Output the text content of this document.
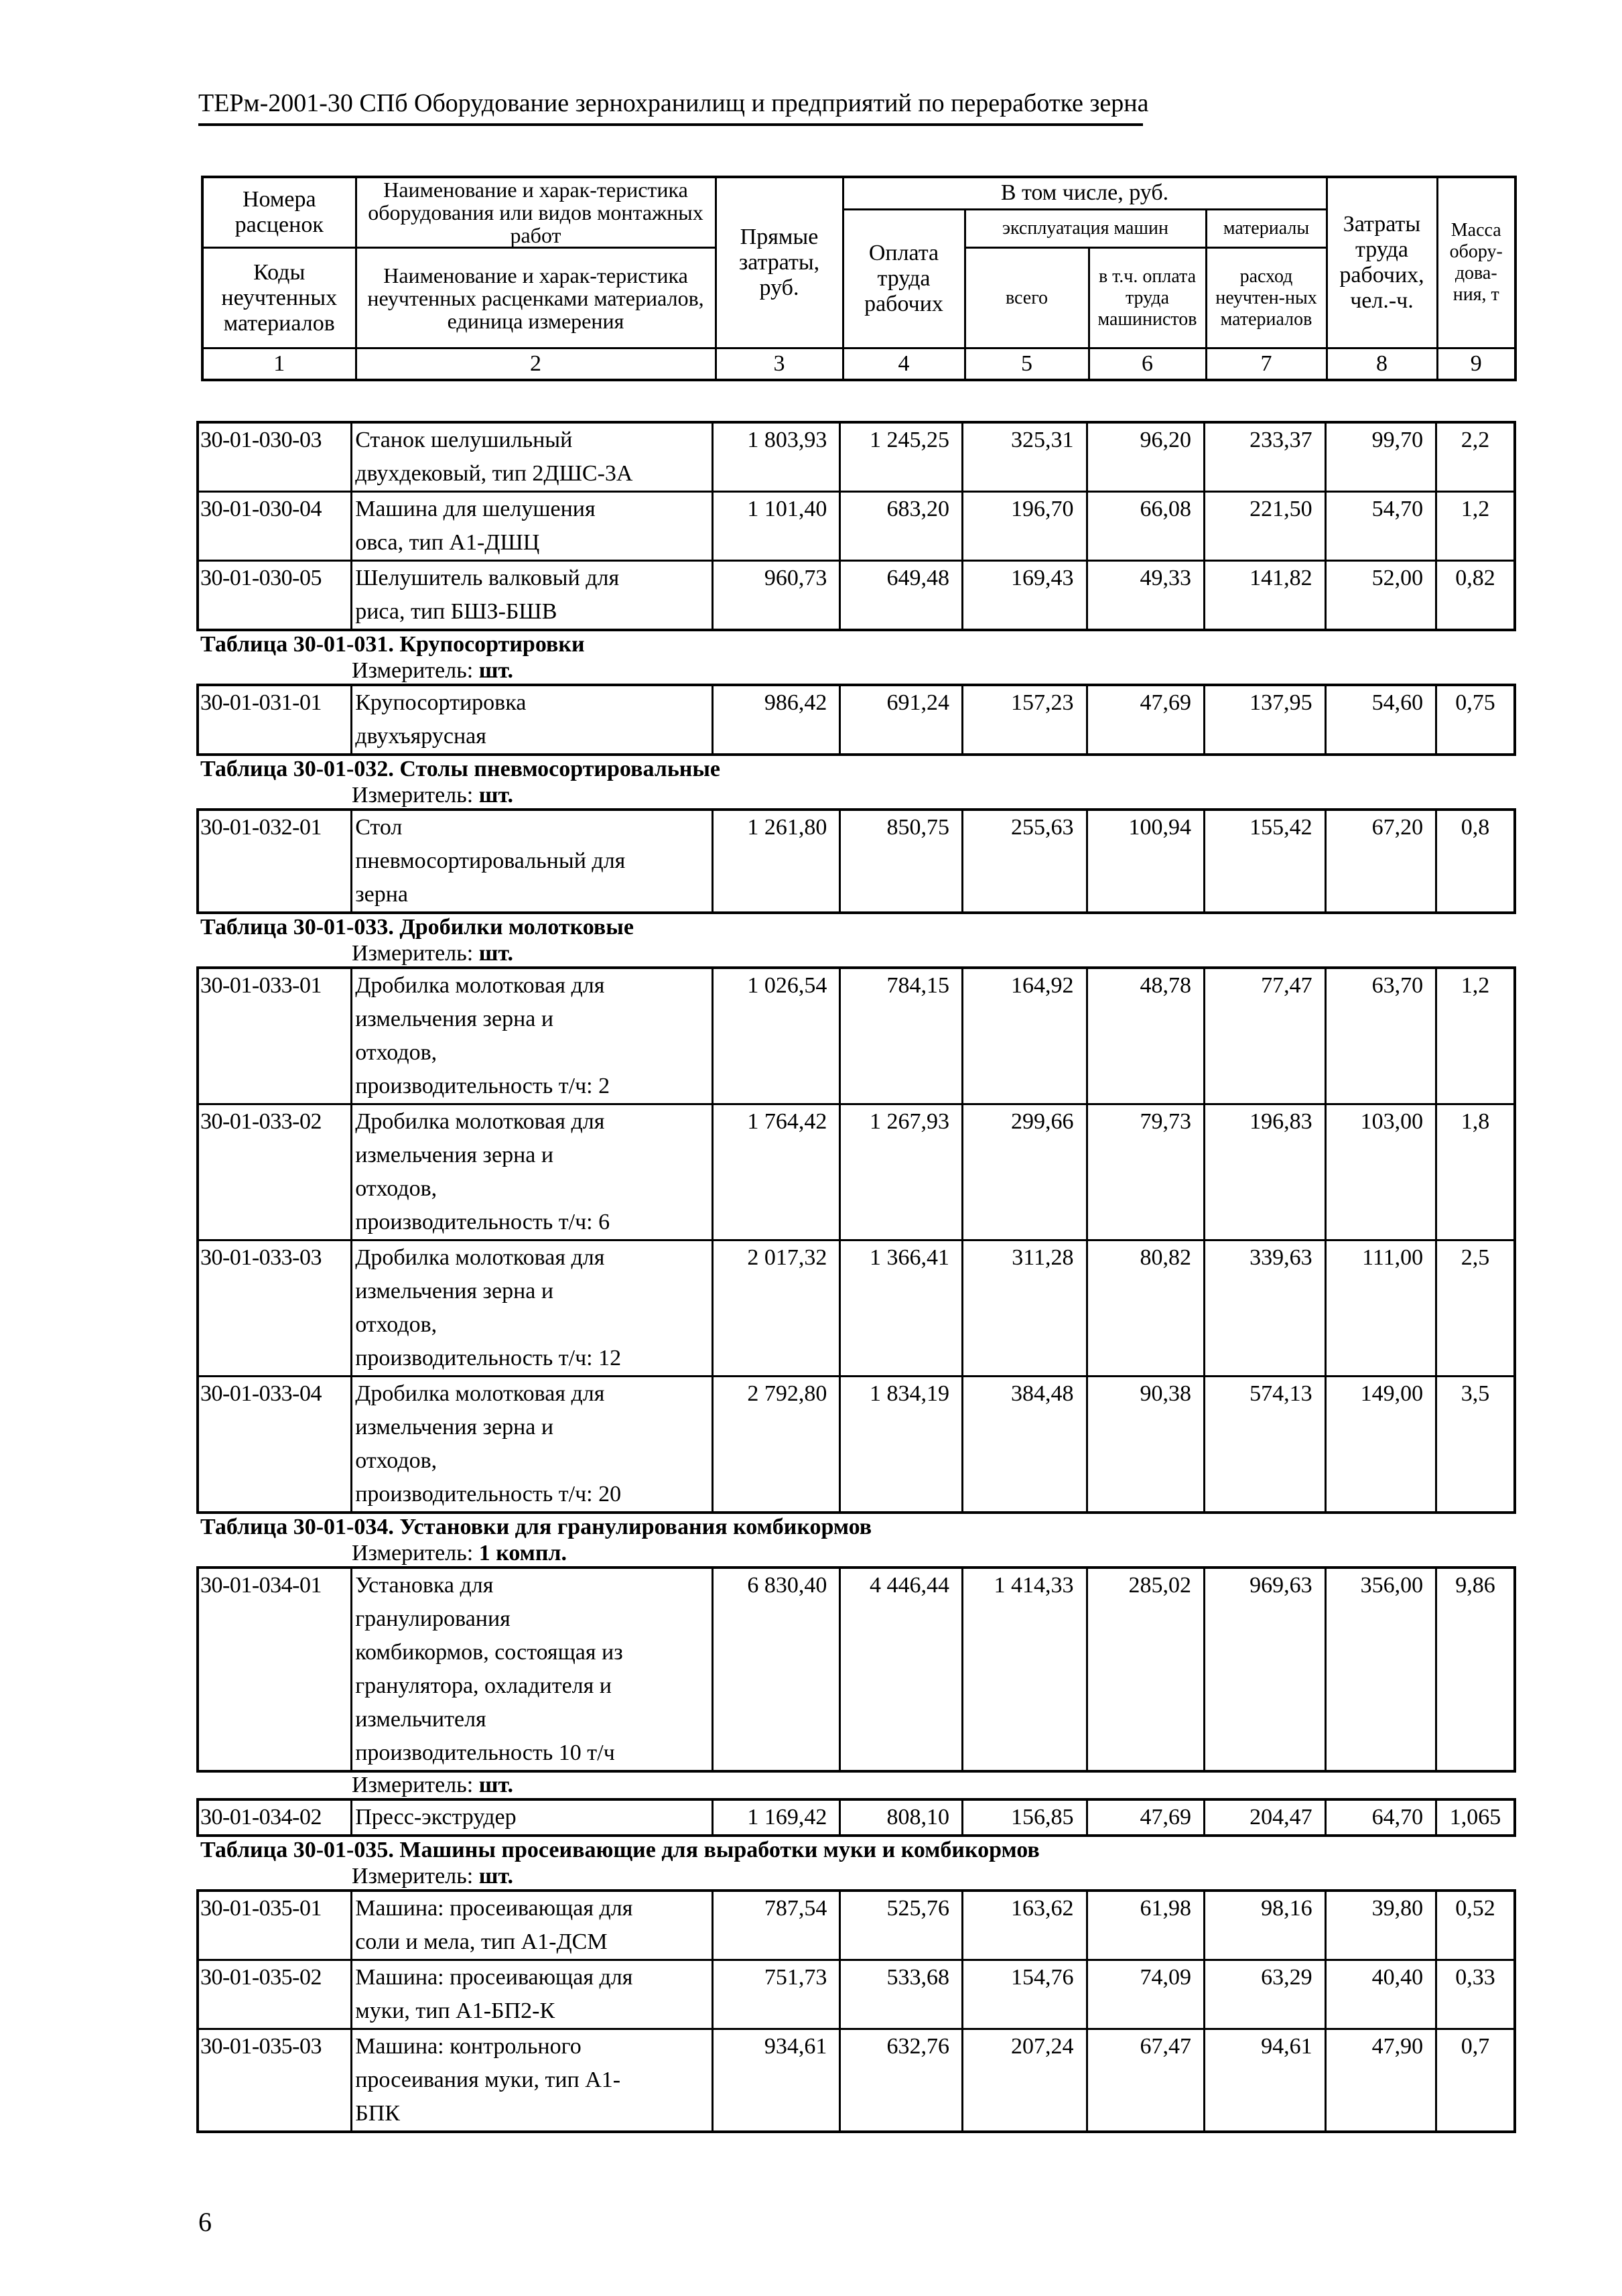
ТЕРм-2001-30 СПб Оборудование зернохранилищ и предприятий по переработке зерна
Номера расценок	Наименование и харак-теристика оборудования или видов монтажных работ	Прямые затраты, руб.	В том числе, руб.				Затраты труда рабочих, чел.-ч.	Масса обору-дова-ния, т
			Оплата труда рабочих	эксплуатация машин		материалы		
Коды неучтенных материалов	Наименование и харак-теристика неучтенных расценками материалов, единица измерения			всего	в т.ч. оплата труда машинистов	расход неучтен-ных материалов		

1	2	3	4	5	6	7	8	9
30-01-030-03	Станок шелушильный
двухдековый, тип 2ДШС-3А	1 803,93	1 245,25	325,31	96,20	233,37	99,70	2,2
30-01-030-04	Машина для шелушения
овса, тип А1-ДШЦ	1 101,40	683,20	196,70	66,08	221,50	54,70	1,2
30-01-030-05	Шелушитель валковый для
риса, тип БШЗ-БШВ	960,73	649,48	169,43	49,33	141,82	52,00	0,82
Таблица 30-01-031. Крупосортировки
Измеритель: шт.
30-01-031-01	Крупосортировка
двухъярусная	986,42	691,24	157,23	47,69	137,95	54,60	0,75
Таблица 30-01-032. Столы пневмосортировальные
Измеритель: шт.
30-01-032-01	Стол
пневмосортировальный для
зерна	1 261,80	850,75	255,63	100,94	155,42	67,20	0,8
Таблица 30-01-033. Дробилки молотковые
Измеритель: шт.
30-01-033-01	Дробилка молотковая для
измельчения зерна и
отходов,
производительность т/ч: 2	1 026,54	784,15	164,92	48,78	77,47	63,70	1,2
30-01-033-02	Дробилка молотковая для
измельчения зерна и
отходов,
производительность т/ч: 6	1 764,42	1 267,93	299,66	79,73	196,83	103,00	1,8
30-01-033-03	Дробилка молотковая для
измельчения зерна и
отходов,
производительность т/ч: 12	2 017,32	1 366,41	311,28	80,82	339,63	111,00	2,5
30-01-033-04	Дробилка молотковая для
измельчения зерна и
отходов,
производительность т/ч: 20	2 792,80	1 834,19	384,48	90,38	574,13	149,00	3,5
Таблица 30-01-034. Установки для гранулирования комбикормов
Измеритель: 1 компл.
30-01-034-01	Установка для
гранулирования
комбикормов, состоящая из
гранулятора, охладителя и
измельчителя
производительность 10 т/ч	6 830,40	4 446,44	1 414,33	285,02	969,63	356,00	9,86
Измеритель: шт.
30-01-034-02	Пресс-экструдер	1 169,42	808,10	156,85	47,69	204,47	64,70	1,065
Таблица 30-01-035. Машины просеивающие для выработки муки и комбикормов
Измеритель: шт.
30-01-035-01	Машина: просеивающая для
соли и мела, тип А1-ДСМ	787,54	525,76	163,62	61,98	98,16	39,80	0,52
30-01-035-02	Машина: просеивающая для
муки, тип А1-БП2-К	751,73	533,68	154,76	74,09	63,29	40,40	0,33
30-01-035-03	Машина: контрольного
просеивания муки, тип А1-
БПК	934,61	632,76	207,24	67,47	94,61	47,90	0,7
6
